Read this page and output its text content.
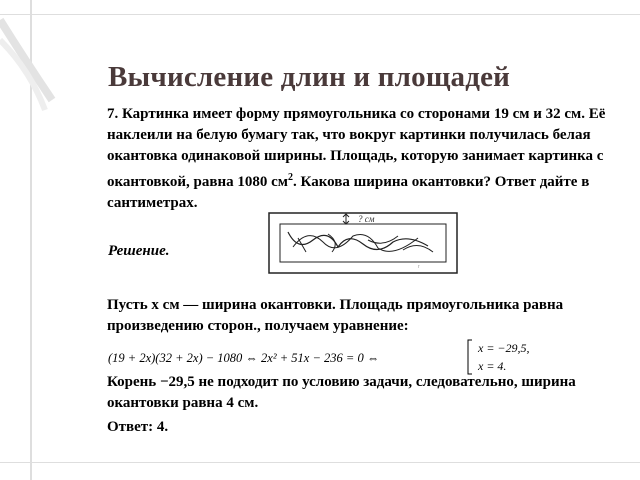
Вычисление длин и площадей

7. Картинка имеет форму прямоугольника со сторонами 19 см и 32 см. Её наклеили на белую бумагу так, что вокруг картинки получилась белая окантовка одинаковой ширины. Площадь, которую занимает картинка с окантовкой, равна 1080 $см^2$. Какова ширина окантовки? Ответ дайте в сантиметрах.

Решение.
r
? см
Пусть x см — ширина окантовки. Площадь прямоугольника равна произведению сторон., получаем уравнение:
(19 + 2x)(32 + 2x) − 1080 ⇔ 2x² + 51x − 236 = 0 ⇔
x = −29,5,
x = 4.
Корень −29,5 не подходит по условию задачи, следовательно, ширина окантовки равна 4 см.
Ответ: 4.
